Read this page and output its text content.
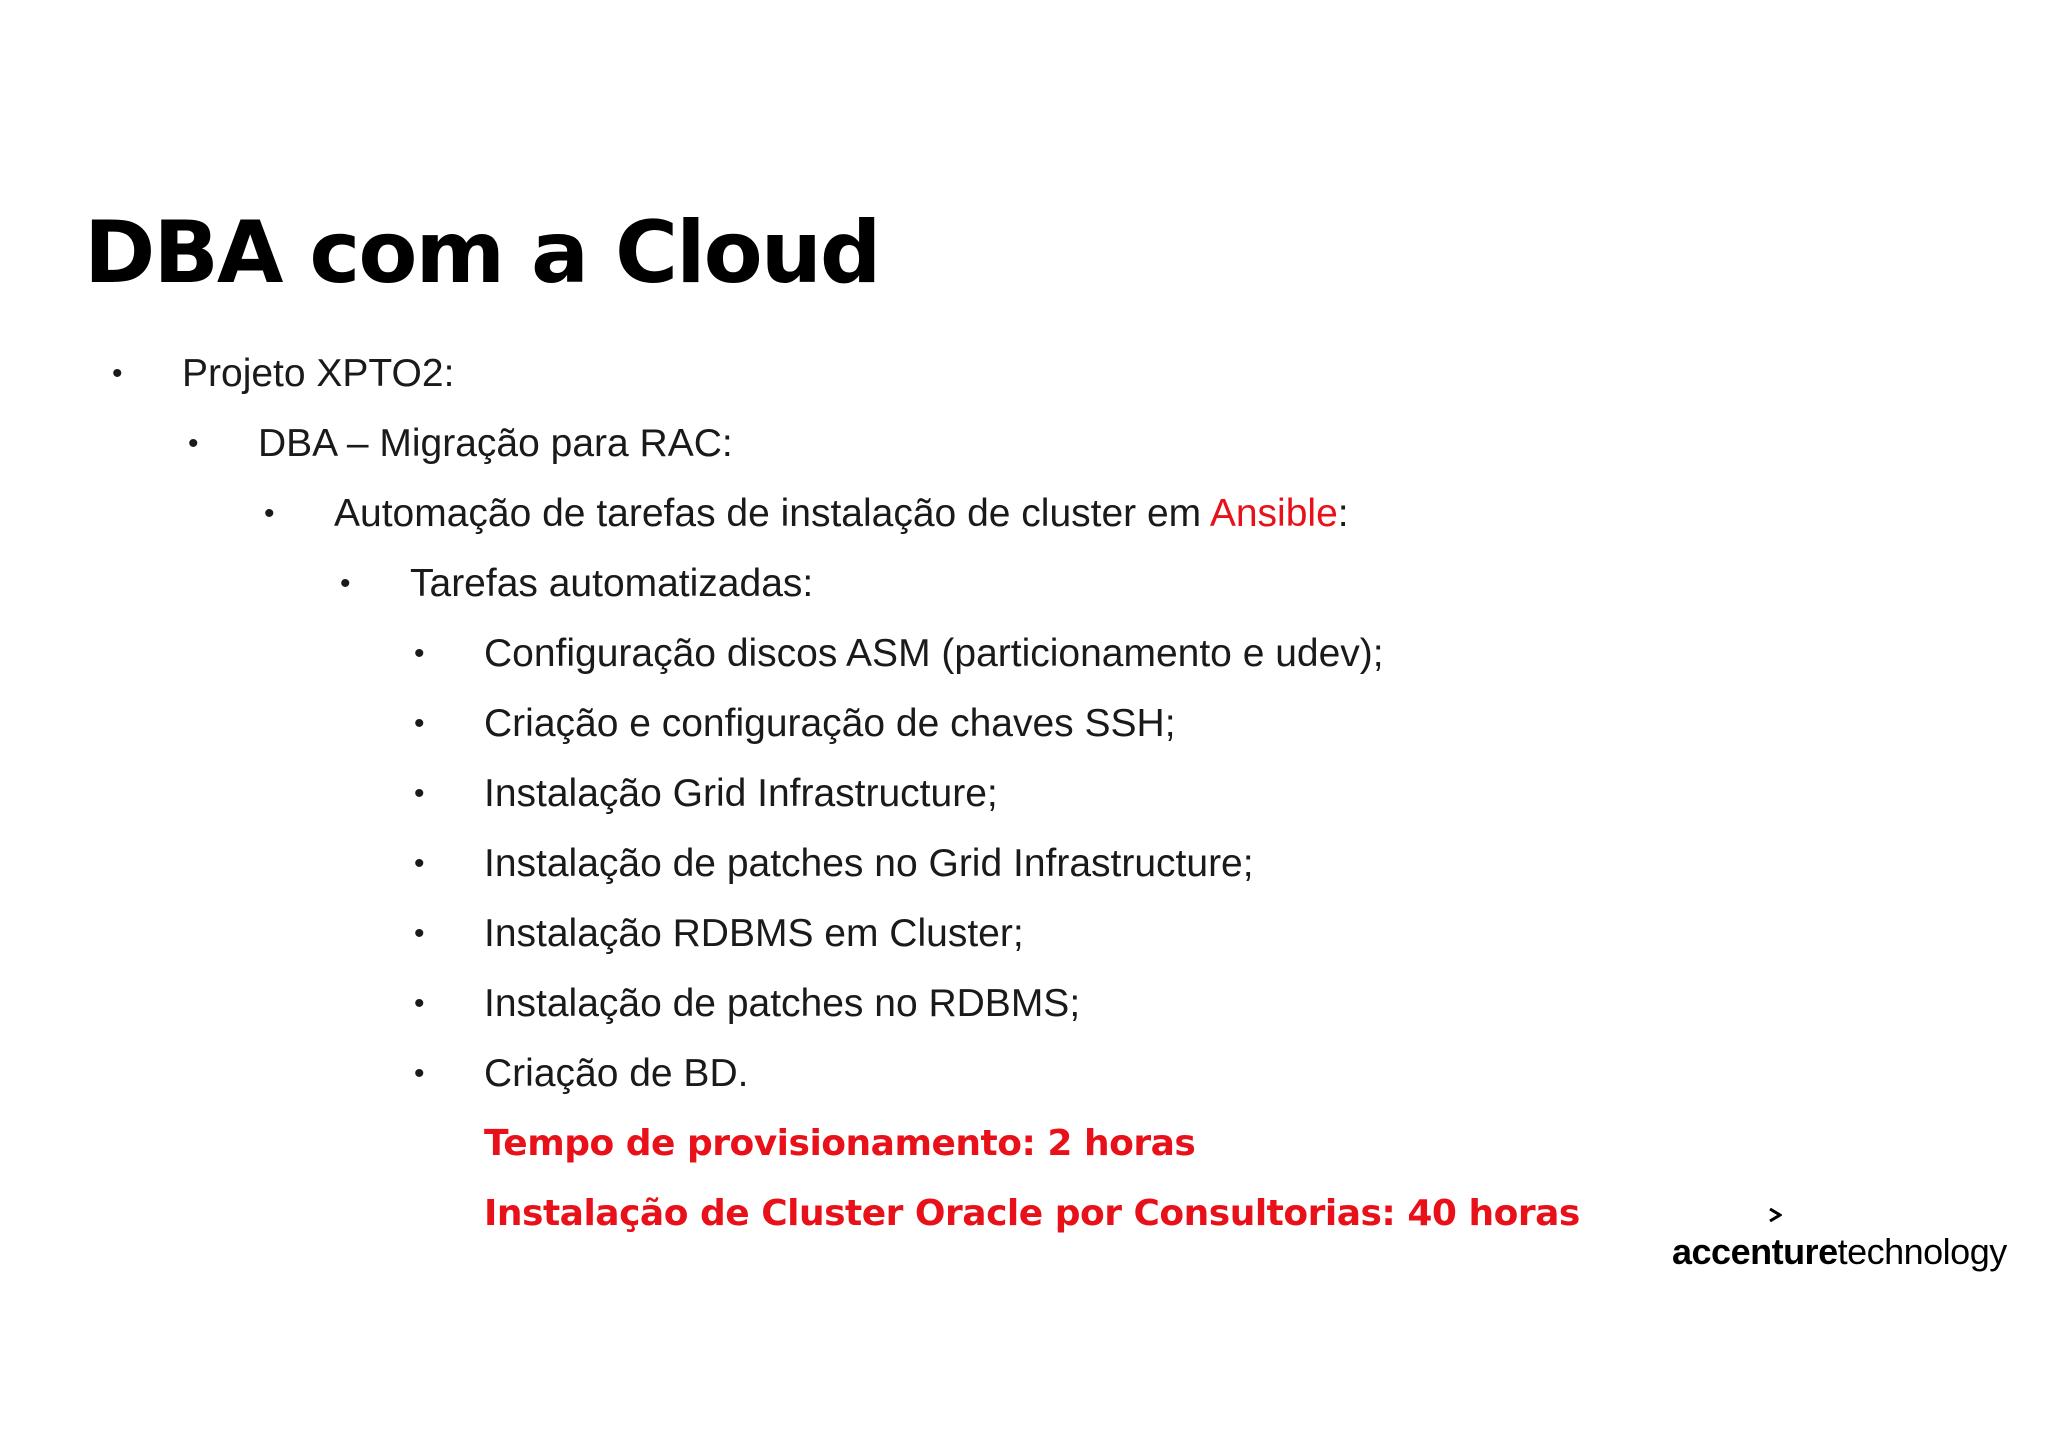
DBA com a Cloud
• Projeto XPTO2:
• DBA – Migração para RAC:
• Automação de tarefas de instalação de cluster em Ansible:
• Tarefas automatizadas:
• Configuração discos ASM (particionamento e udev);
• Criação e configuração de chaves SSH;
• Instalação Grid Infrastructure;
• Instalação de patches no Grid Infrastructure;
• Instalação RDBMS em Cluster;
• Instalação de patches no RDBMS;
• Criação de BD.
Tempo de provisionamento: 2 horas
Instalação de Cluster Oracle por Consultorias: 40 horas
accenturetechnology
